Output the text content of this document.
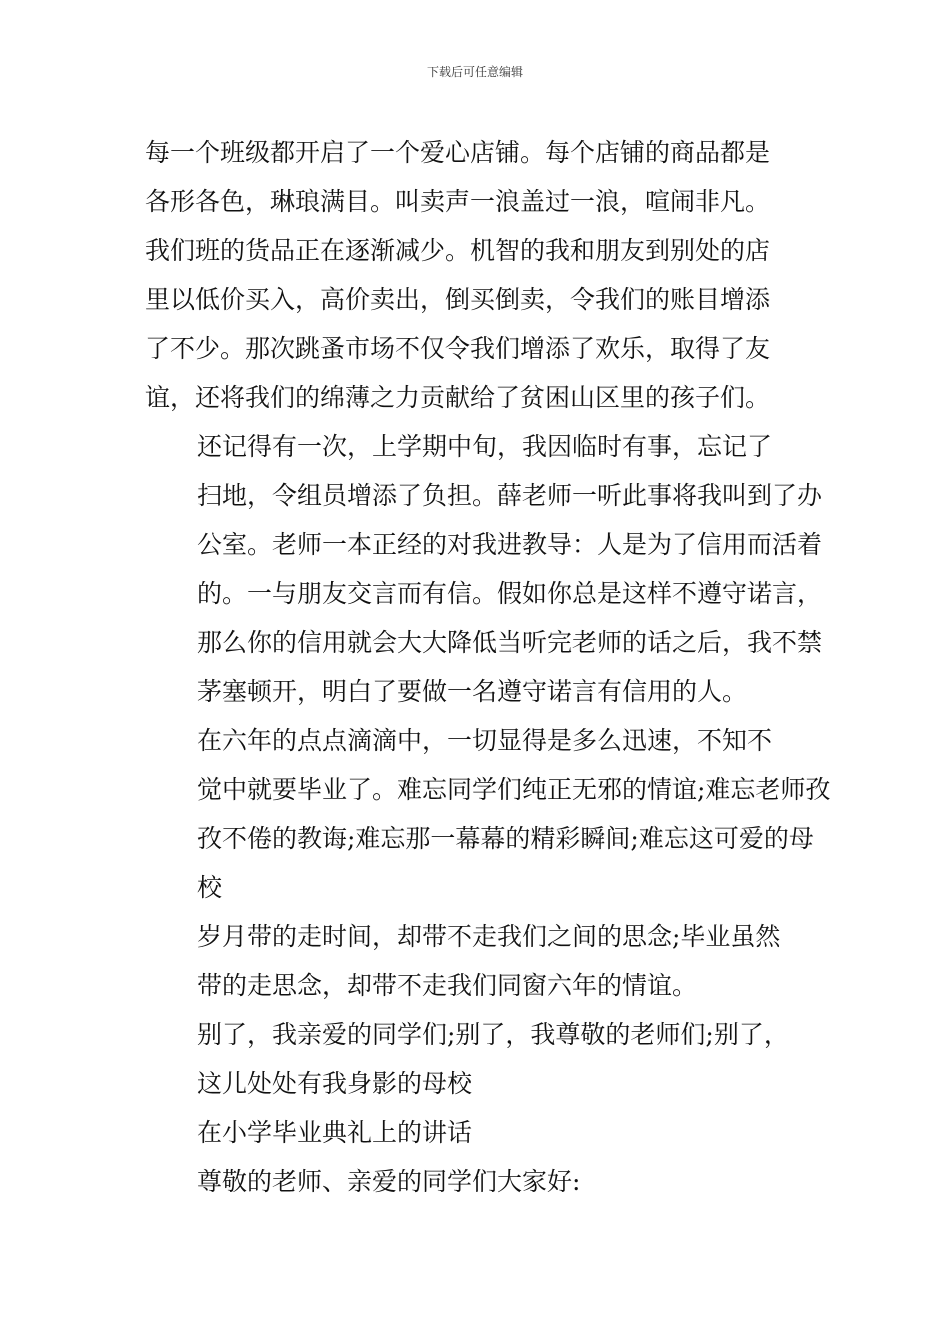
下载后可任意编辑
每一个班级都开启了一个爱心店铺。每个店铺的商品都是
各形各色，琳琅满目。叫卖声一浪盖过一浪，喧闹非凡。
我们班的货品正在逐渐减少。机智的我和朋友到别处的店
里以低价买入，高价卖出，倒买倒卖，令我们的账目增添
了不少。那次跳蚤市场不仅令我们增添了欢乐，取得了友
谊，还将我们的绵薄之力贡献给了贫困山区里的孩子们。
还记得有一次，上学期中旬，我因临时有事，忘记了
扫地，令组员增添了负担。薛老师一听此事将我叫到了办
公室。老师一本正经的对我进教导：人是为了信用而活着
的。一与朋友交言而有信。假如你总是这样不遵守诺言，
那么你的信用就会大大降低当听完老师的话之后，我不禁
茅塞顿开，明白了要做一名遵守诺言有信用的人。
在六年的点点滴滴中，一切显得是多么迅速，不知不
觉中就要毕业了。难忘同学们纯正无邪的情谊;难忘老师孜
孜不倦的教诲;难忘那一幕幕的精彩瞬间;难忘这可爱的母
校
岁月带的走时间，却带不走我们之间的思念;毕业虽然
带的走思念，却带不走我们同窗六年的情谊。
别了，我亲爱的同学们;别了，我尊敬的老师们;别了，
这儿处处有我身影的母校
在小学毕业典礼上的讲话
尊敬的老师、亲爱的同学们大家好:
